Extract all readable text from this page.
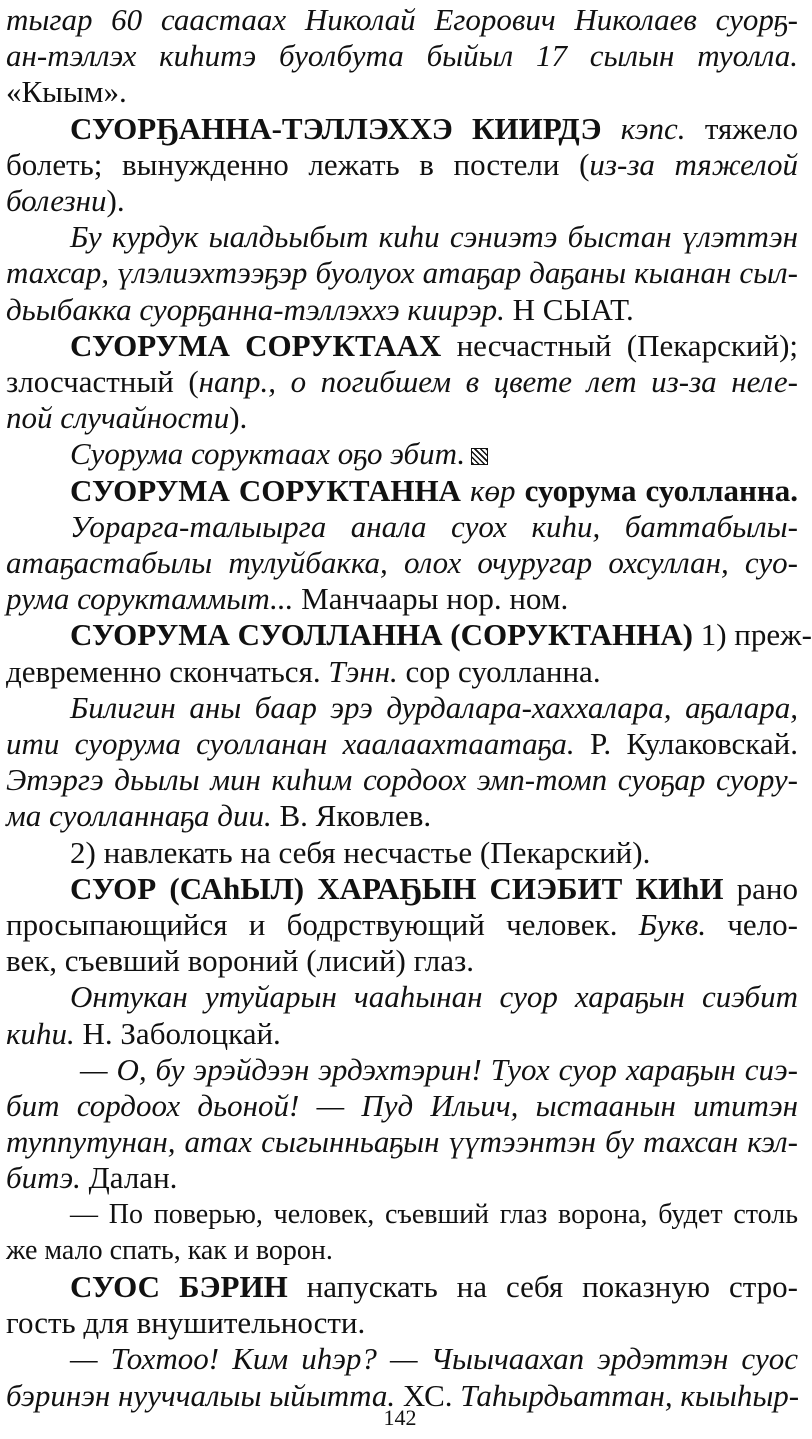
тыгар 60 саастаах Николай Егорович Николаев суорҕ-
ан-тэллэх киhитэ буолбута быйыл 17 сылын туолла.
«Кыым».
СУОРҔАННА-ТЭЛЛЭХХЭ КИИРДЭ кэпс. тяжело
болеть; вынужденно лежать в постели (из-за тяжелой
болезни).
Бу курдук ыалдьыбыт киhи сэниэтэ быстан үлэттэн
тахсар, үлэлиэхтээҕэр буолуох атаҕар даҕаны кыанан сыл-
дьыбакка суорҕанна-тэллэххэ киирэр. Н СЫАТ.
СУОРУМА СОРУКТААХ несчастный (Пекарский);
злосчастный (напр., о погибшем в цвете лет из-за неле-
пой случайности).
Суорума соруктаах оҕо эбит.
СУОРУМА СОРУКТАННА көр суорума суолланна.
Уорарга-талыырга анала суох киhи, баттабылы-
атаҕастабылы тулуйбакка, олох очуругар охсуллан, суо-
рума соруктаммыт... Манчаары нор. ном.
СУОРУМА СУОЛЛАННА (СОРУКТАННА) 1) преж-
девременно скончаться. Тэнн. сор суолланна.
Билигин аны баар эрэ дурдалара-хаххалара, аҕалара,
ити суорума суолланан хаалаахтаатаҕа. Р. Кулаковскай.
Этэргэ дьылы мин киhим сордоох эмп-томп суоҕар суору-
ма суолланнаҕа дии. В. Яковлев.
2) навлекать на себя несчастье (Пекарский).
СУОР (САhЫЛ) ХАРАҔЫН СИЭБИТ КИhИ рано
просыпающийся и бодрствующий человек. Букв. чело-
век, съевший вороний (лисий) глаз.
Онтукан утуйарын чааhынан суор хараҕын сиэбит
киhи. Н. Заболоцкай.
— О, бу эрэйдээн эрдэхтэрин! Туох суор хараҕын сиэ-
бит сордоох дьоной! — Пуд Ильич, ыстаанын ититэн
туппутунан, атах сыгынньаҕын үүтээнтэн бу тахсан кэл-
битэ. Далан.
— По поверью, человек, съевший глаз ворона, будет столь
же мало спать, как и ворон.
СУОС БЭРИН напускать на себя показную стро-
гость для внушительности.
— Тохтоо! Ким иhэр? — Чыычаахап эрдэттэн суос
бэринэн нууччалыы ыйытта. ХС. Таhырдьаттан, кыыhыр-
142
